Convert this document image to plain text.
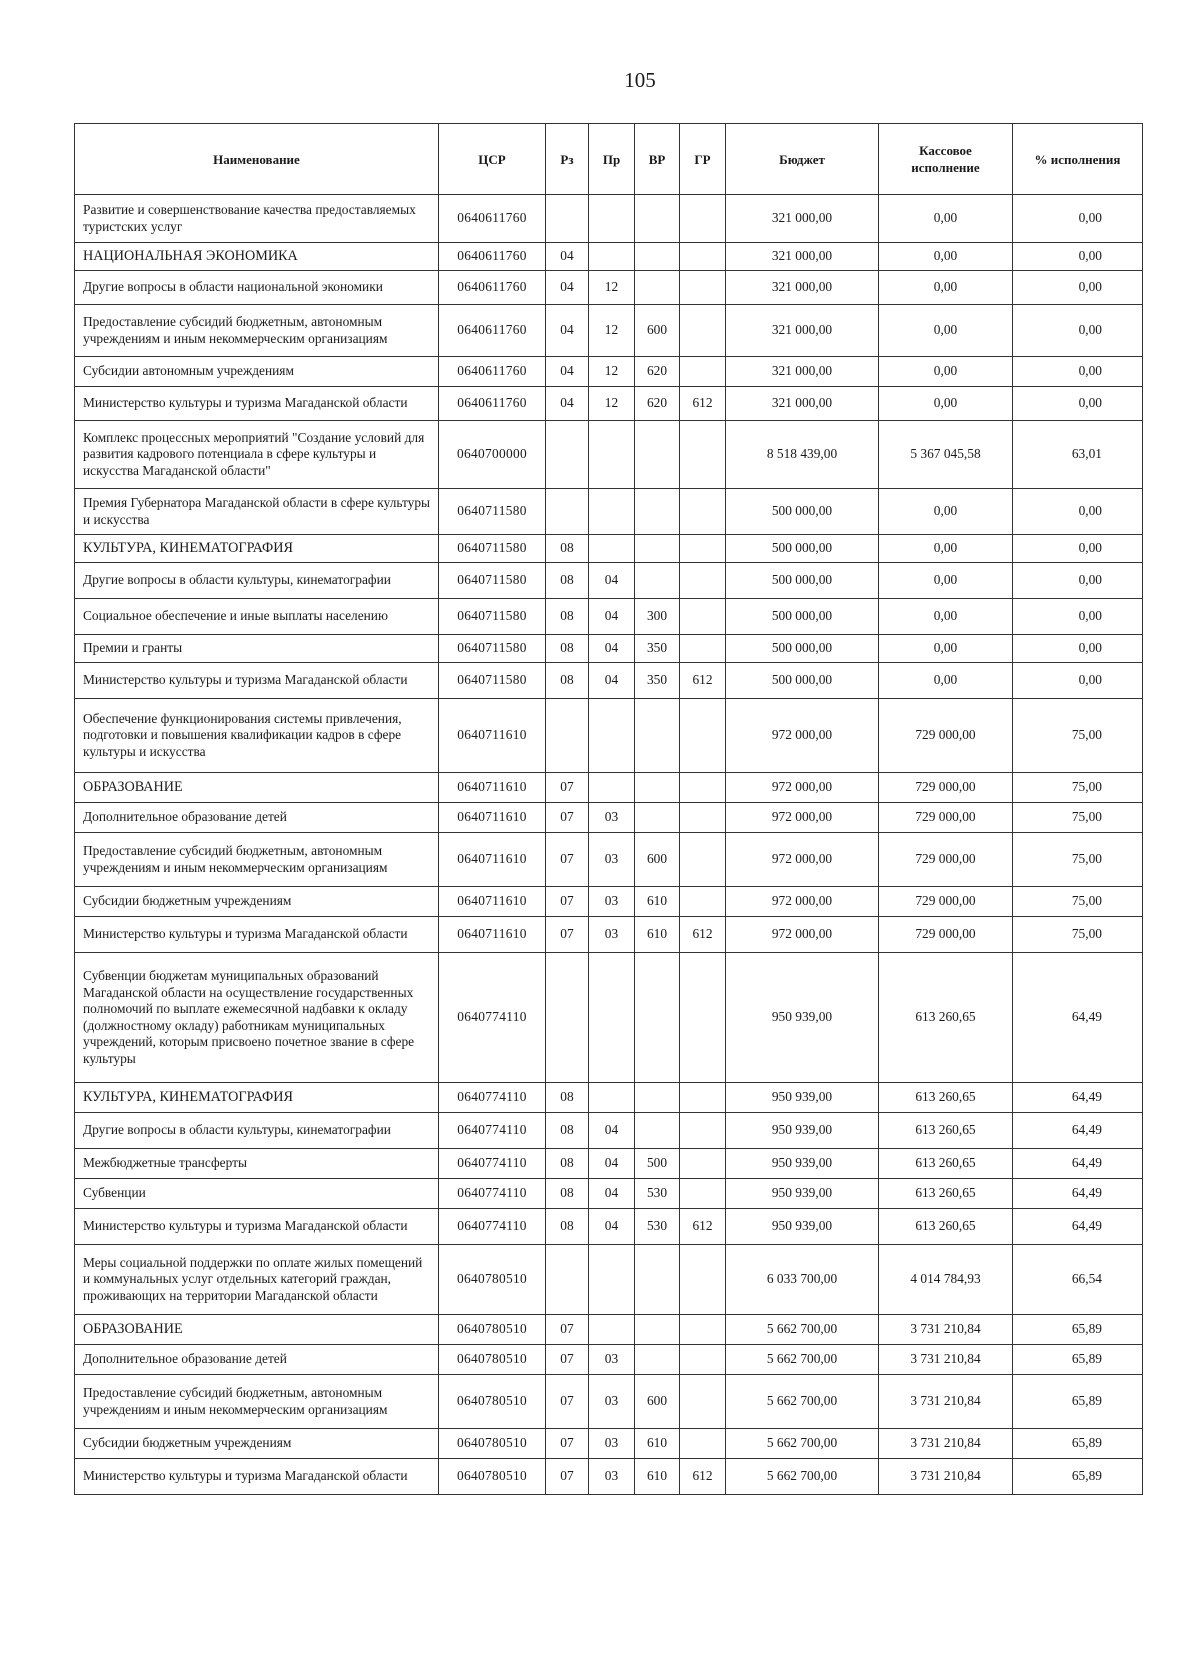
105
Наименование	ЦСР	Рз	Пр	ВР	ГР	Бюджет	Кассовое исполнение	% исполнения
Развитие и совершенствование качества предоставляемых туристских услуг	0640611760					321 000,00	0,00	0,00
НАЦИОНАЛЬНАЯ ЭКОНОМИКА	0640611760	04				321 000,00	0,00	0,00
Другие вопросы в области национальной экономики	0640611760	04	12			321 000,00	0,00	0,00
Предоставление субсидий бюджетным, автономным учреждениям и иным некоммерческим организациям	0640611760	04	12	600		321 000,00	0,00	0,00
Субсидии автономным учреждениям	0640611760	04	12	620		321 000,00	0,00	0,00
Министерство культуры и туризма Магаданской области	0640611760	04	12	620	612	321 000,00	0,00	0,00
Комплекс процессных мероприятий "Создание условий для развития кадрового потенциала в сфере культуры и искусства Магаданской области"	0640700000					8 518 439,00	5 367 045,58	63,01
Премия Губернатора Магаданской области в сфере культуры и искусства	0640711580					500 000,00	0,00	0,00
КУЛЬТУРА, КИНЕМАТОГРАФИЯ	0640711580	08				500 000,00	0,00	0,00
Другие вопросы в области культуры, кинематографии	0640711580	08	04			500 000,00	0,00	0,00
Социальное обеспечение и иные выплаты населению	0640711580	08	04	300		500 000,00	0,00	0,00
Премии и гранты	0640711580	08	04	350		500 000,00	0,00	0,00
Министерство культуры и туризма Магаданской области	0640711580	08	04	350	612	500 000,00	0,00	0,00
Обеспечение функционирования системы привлечения, подготовки и повышения квалификации кадров в сфере культуры и искусства	0640711610					972 000,00	729 000,00	75,00
ОБРАЗОВАНИЕ	0640711610	07				972 000,00	729 000,00	75,00
Дополнительное образование детей	0640711610	07	03			972 000,00	729 000,00	75,00
Предоставление субсидий бюджетным, автономным учреждениям и иным некоммерческим организациям	0640711610	07	03	600		972 000,00	729 000,00	75,00
Субсидии бюджетным учреждениям	0640711610	07	03	610		972 000,00	729 000,00	75,00
Министерство культуры и туризма Магаданской области	0640711610	07	03	610	612	972 000,00	729 000,00	75,00
Субвенции бюджетам муниципальных образований Магаданской области на осуществление государственных полномочий по выплате ежемесячной надбавки к окладу (должностному окладу) работникам муниципальных учреждений, которым присвоено почетное звание в сфере культуры	0640774110					950 939,00	613 260,65	64,49
КУЛЬТУРА, КИНЕМАТОГРАФИЯ	0640774110	08				950 939,00	613 260,65	64,49
Другие вопросы в области культуры, кинематографии	0640774110	08	04			950 939,00	613 260,65	64,49
Межбюджетные трансферты	0640774110	08	04	500		950 939,00	613 260,65	64,49
Субвенции	0640774110	08	04	530		950 939,00	613 260,65	64,49
Министерство культуры и туризма Магаданской области	0640774110	08	04	530	612	950 939,00	613 260,65	64,49
Меры социальной поддержки по оплате жилых помещений и коммунальных услуг отдельных категорий граждан, проживающих на территории Магаданской области	0640780510					6 033 700,00	4 014 784,93	66,54
ОБРАЗОВАНИЕ	0640780510	07				5 662 700,00	3 731 210,84	65,89
Дополнительное образование детей	0640780510	07	03			5 662 700,00	3 731 210,84	65,89
Предоставление субсидий бюджетным, автономным учреждениям и иным некоммерческим организациям	0640780510	07	03	600		5 662 700,00	3 731 210,84	65,89
Субсидии бюджетным учреждениям	0640780510	07	03	610		5 662 700,00	3 731 210,84	65,89
Министерство культуры и туризма Магаданской области	0640780510	07	03	610	612	5 662 700,00	3 731 210,84	65,89
